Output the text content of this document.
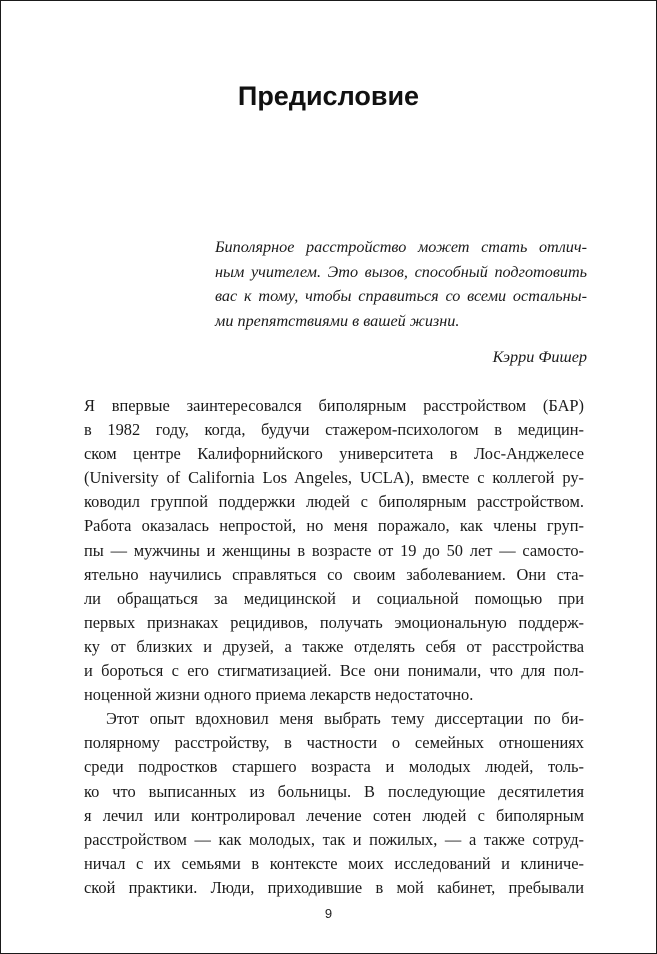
Предисловие
Биполярное расстройство может стать отлич-
ным учителем. Это вызов, способный подготовить
вас к тому, чтобы справиться со всеми остальны-
ми препятствиями в вашей жизни.
Кэрри Фишер
Я впервые заинтересовался биполярным расстройством (БАР)
в 1982 году, когда, будучи стажером-психологом в медицин-
ском центре Калифорнийского университета в Лос-Анджелесе
(University of California Los Angeles, UCLA), вместе с коллегой ру-
ководил группой поддержки людей с биполярным расстройством.
Работа оказалась непростой, но меня поражало, как члены груп-
пы — мужчины и женщины в возрасте от 19 до 50 лет — самосто-
ятельно научились справляться со своим заболеванием. Они ста-
ли обращаться за медицинской и социальной помощью при
первых признаках рецидивов, получать эмоциональную поддерж-
ку от близких и друзей, а также отделять себя от расстройства
и бороться с его стигматизацией. Все они понимали, что для пол-
ноценной жизни одного приема лекарств недостаточно.
Этот опыт вдохновил меня выбрать тему диссертации по би-
полярному расстройству, в частности о семейных отношениях
среди подростков старшего возраста и молодых людей, толь-
ко что выписанных из больницы. В последующие десятилетия
я лечил или контролировал лечение сотен людей с биполярным
расстройством — как молодых, так и пожилых, — а также сотруд-
ничал с их семьями в контексте моих исследований и клиниче-
ской практики. Люди, приходившие в мой кабинет, пребывали
9
